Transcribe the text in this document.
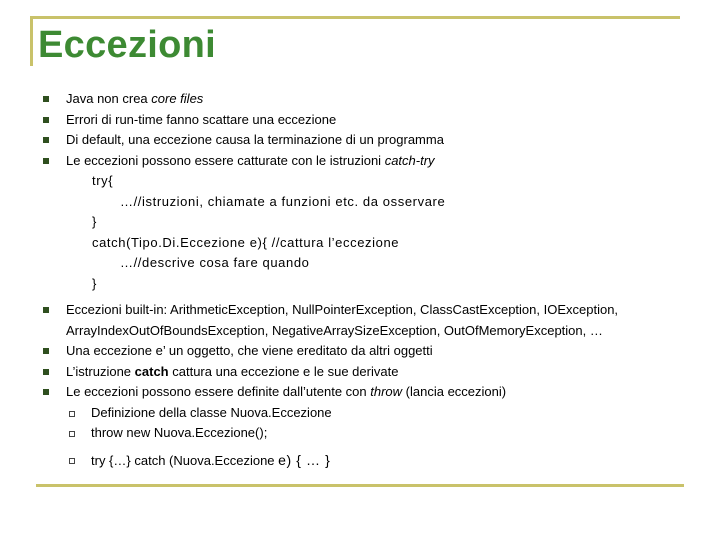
Eccezioni
Java non crea core files
Errori di run-time fanno scattare una eccezione
Di default, una eccezione causa la terminazione di un programma
Le eccezioni possono essere catturate con le istruzioni catch-try
try{
…//istruzioni, chiamate a funzioni etc. da osservare
}
catch(Tipo.Di.Eccezione e){ //cattura l’eccezione
…//descrive cosa fare quando
}
Eccezioni built-in: ArithmeticException, NullPointerException, ClassCastException, IOException,
ArrayIndexOutOfBoundsException, NegativeArraySizeException, OutOfMemoryException, …
Una eccezione e’ un oggetto, che viene ereditato da altri oggetti
L’istruzione catch cattura una eccezione e le sue derivate
Le eccezioni possono essere definite dall’utente con throw (lancia eccezioni)
Definizione della classe Nuova.Eccezione
throw new Nuova.Eccezione();
try {…} catch (Nuova.Eccezione e) { … }
